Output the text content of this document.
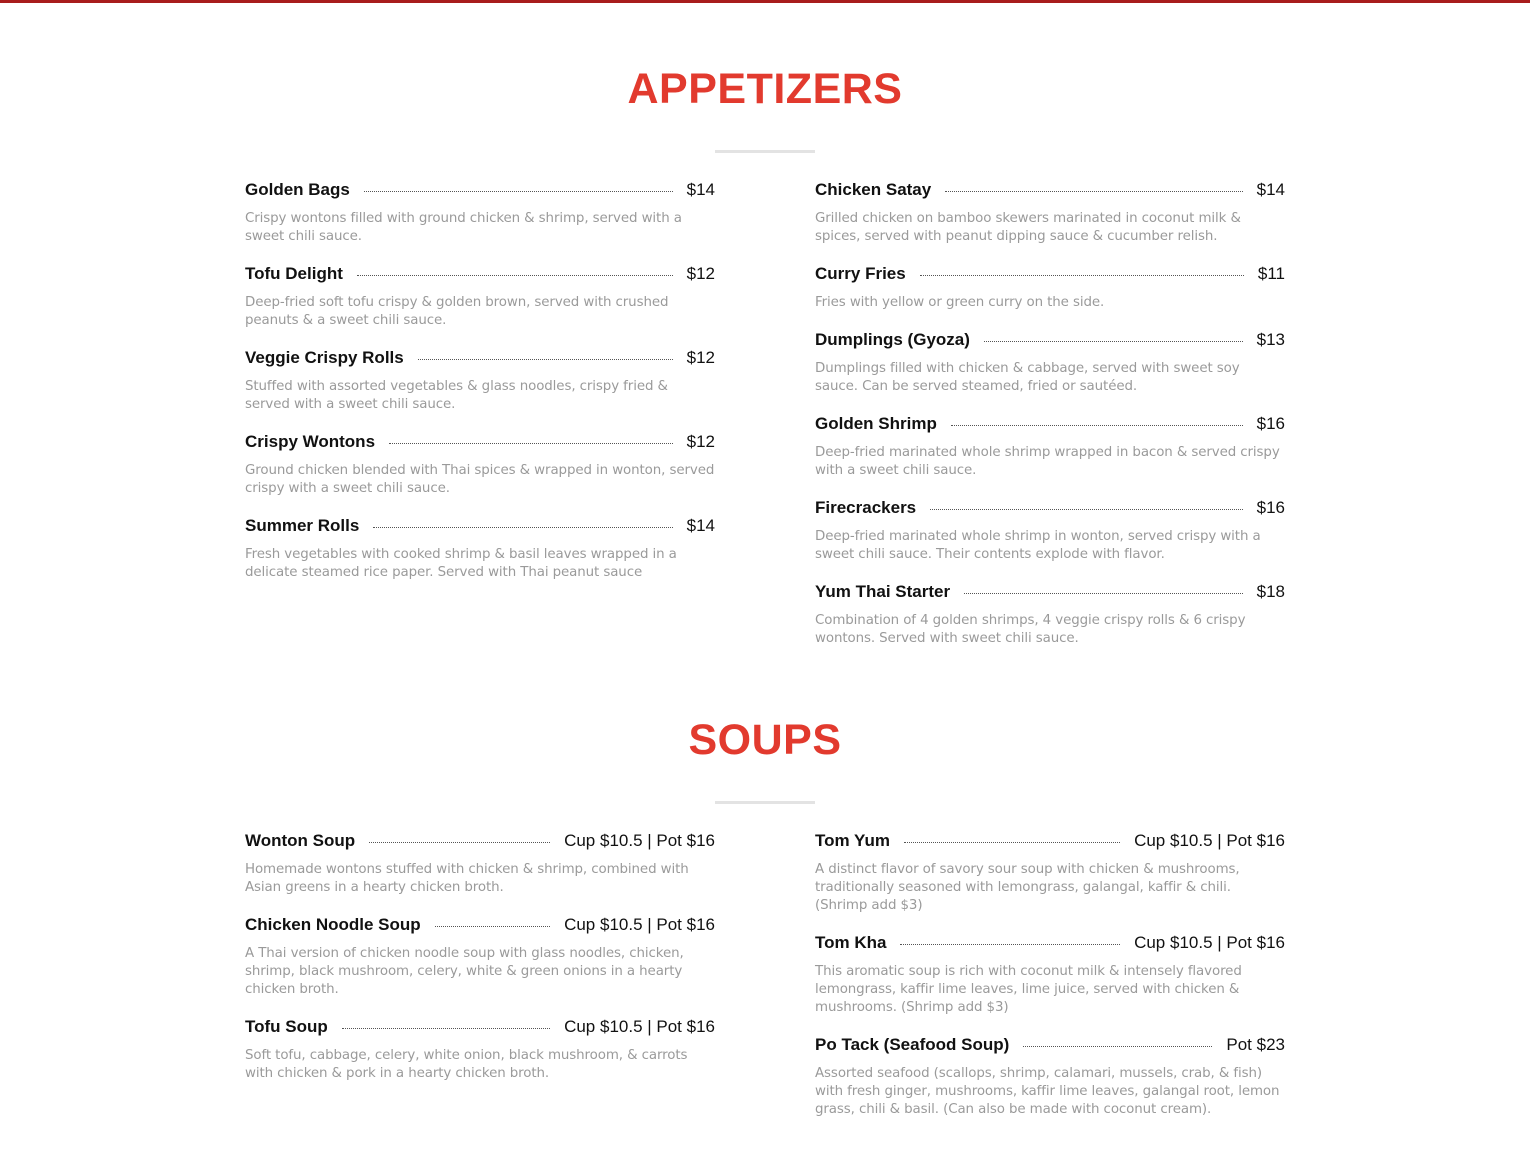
APPETIZERS
Golden Bags	$14
Crispy wontons filled with ground chicken & shrimp, served with a sweet chili sauce.
Tofu Delight	$12
Deep-fried soft tofu crispy & golden brown, served with crushed peanuts & a sweet chili sauce.
Veggie Crispy Rolls	$12
Stuffed with assorted vegetables & glass noodles, crispy fried & served with a sweet chili sauce.
Crispy Wontons	$12
Ground chicken blended with Thai spices & wrapped in wonton, served crispy with a sweet chili sauce.
Summer Rolls	$14
Fresh vegetables with cooked shrimp & basil leaves wrapped in a delicate steamed rice paper. Served with Thai peanut sauce
Chicken Satay	$14
Grilled chicken on bamboo skewers marinated in coconut milk & spices, served with peanut dipping sauce & cucumber relish.
Curry Fries	$11
Fries with yellow or green curry on the side.
Dumplings (Gyoza)	$13
Dumplings filled with chicken & cabbage, served with sweet soy sauce. Can be served steamed, fried or sautéed.
Golden Shrimp	$16
Deep-fried marinated whole shrimp wrapped in bacon & served crispy with a sweet chili sauce.
Firecrackers	$16
Deep-fried marinated whole shrimp in wonton, served crispy with a sweet chili sauce. Their contents explode with flavor.
Yum Thai Starter	$18
Combination of 4 golden shrimps, 4 veggie crispy rolls & 6 crispy wontons. Served with sweet chili sauce.
SOUPS
Wonton Soup	Cup $10.5 | Pot $16
Homemade wontons stuffed with chicken & shrimp, combined with Asian greens in a hearty chicken broth.
Chicken Noodle Soup	Cup $10.5 | Pot $16
A Thai version of chicken noodle soup with glass noodles, chicken, shrimp, black mushroom, celery, white & green onions in a hearty chicken broth.
Tofu Soup	Cup $10.5 | Pot $16
Soft tofu, cabbage, celery, white onion, black mushroom, & carrots with chicken & pork in a hearty chicken broth.
Tom Yum	Cup $10.5 | Pot $16
A distinct flavor of savory sour soup with chicken & mushrooms, traditionally seasoned with lemongrass, galangal, kaffir & chili. (Shrimp add $3)
Tom Kha	Cup $10.5 | Pot $16
This aromatic soup is rich with coconut milk & intensely flavored lemongrass, kaffir lime leaves, lime juice, served with chicken & mushrooms. (Shrimp add $3)
Po Tack (Seafood Soup)	Pot $23
Assorted seafood (scallops, shrimp, calamari, mussels, crab, & fish) with fresh ginger, mushrooms, kaffir lime leaves, galangal root, lemon grass, chili & basil. (Can also be made with coconut cream).
